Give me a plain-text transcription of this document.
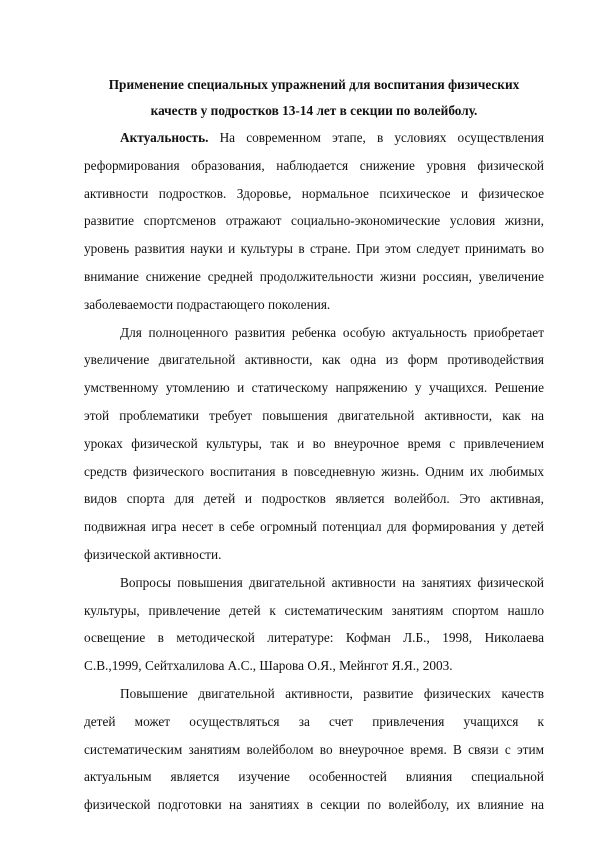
Применение специальных упражнений для воспитания физических
качеств у подростков 13-14 лет в секции по волейболу.
Актуальность. На современном этапе, в условиях осуществления
реформирования образования, наблюдается снижение уровня физической
активности подростков. Здоровье, нормальное психическое и физическое
развитие спортсменов отражают социально-экономические условия жизни,
уровень развития науки и культуры в стране. При этом следует принимать во
внимание снижение средней продолжительности жизни россиян, увеличение
заболеваемости подрастающего поколения.
Для полноценного развития ребенка особую актуальность приобретает
увеличение двигательной активности, как одна из форм противодействия
умственному утомлению и статическому напряжению у учащихся. Решение
этой проблематики требует повышения двигательной активности, как на
уроках физической культуры, так и во внеурочное время с привлечением
средств физического воспитания в повседневную жизнь. Одним их любимых
видов спорта для детей и подростков является волейбол. Это активная,
подвижная игра несет в себе огромный потенциал для формирования у детей
физической активности.
Вопросы повышения двигательной активности на занятиях физической
культуры, привлечение детей к систематическим занятиям спортом нашло
освещение в методической литературе: Кофман Л.Б., 1998, Николаева
С.В.,1999, Сейтхалилова А.С., Шарова О.Я., Мейнгот Я.Я., 2003.
Повышение двигательной активности, развитие физических качеств
детей может осуществляться за счет привлечения учащихся к
систематическим занятиям волейболом во внеурочное время. В связи с этим
актуальным является изучение особенностей влияния специальной
физической подготовки на занятиях в секции по волейболу, их влияние на
